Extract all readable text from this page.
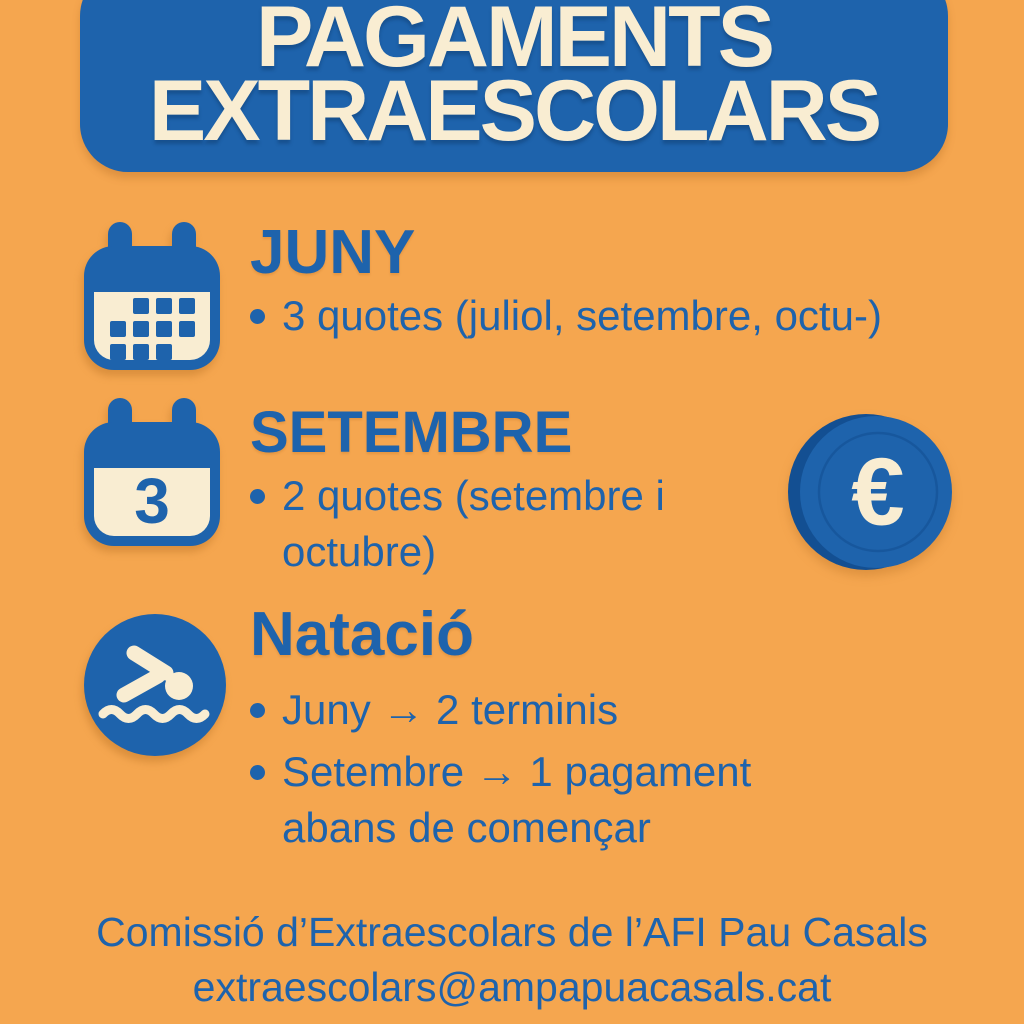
PAGAMENTS
EXTRAESCOLARS
JUNY
3 quotes (juliol, setembre, octu-)
3
SETEMBRE
2 quotes (setembre i octubre)
€
Natació
Juny → 2 terminis
Setembre → 1 pagament abans de començar
Comissió d’Extraescolars de l’AFI Pau Casals
extraescolars@ampapuacasals.cat
